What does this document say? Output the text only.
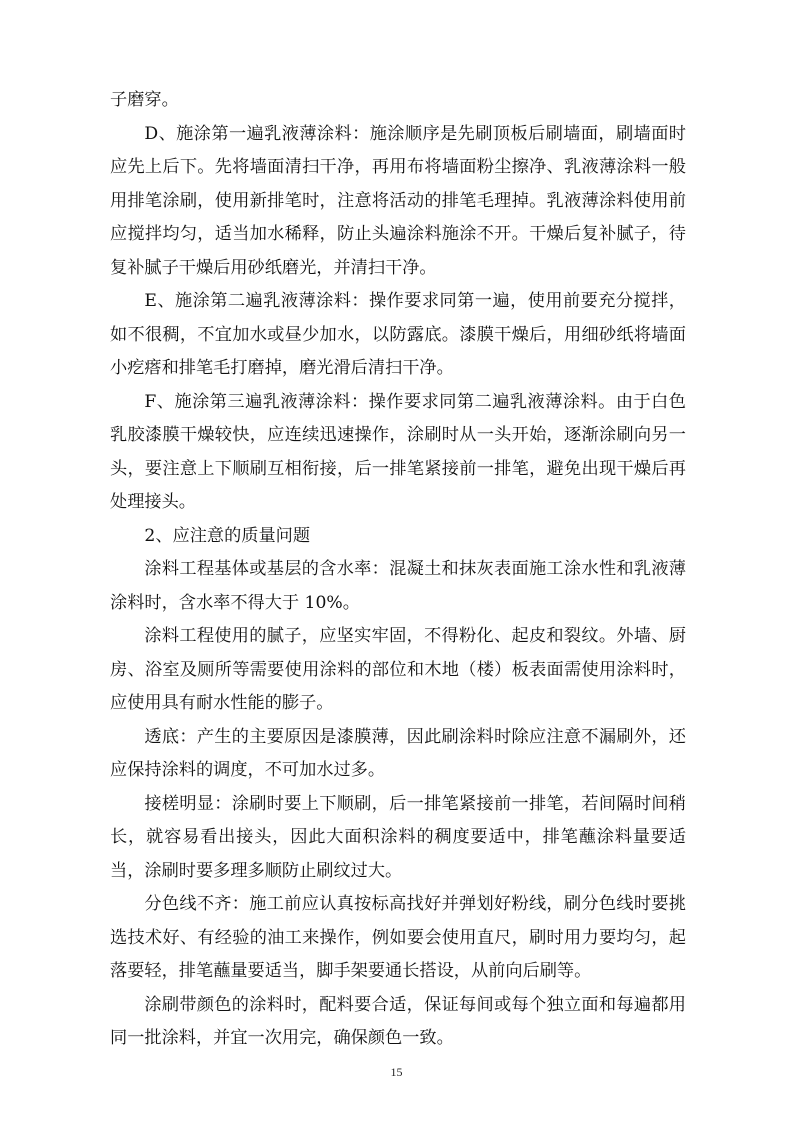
子磨穿。

D、施涂第一遍乳液薄涂料：施涂顺序是先刷顶板后刷墙面，刷墙面时应先上后下。先将墙面清扫干净，再用布将墙面粉尘擦净、乳液薄涂料一般用排笔涂刷，使用新排笔时，注意将活动的排笔毛理掉。乳液薄涂料使用前应搅拌均匀，适当加水稀释，防止头遍涂料施涂不开。干燥后复补腻子，待复补腻子干燥后用砂纸磨光，并清扫干净。

E、施涂第二遍乳液薄涂料：操作要求同第一遍，使用前要充分搅拌，如不很稠，不宜加水或昼少加水，以防露底。漆膜干燥后，用细砂纸将墙面小疙瘩和排笔毛打磨掉，磨光滑后清扫干净。

F、施涂第三遍乳液薄涂料：操作要求同第二遍乳液薄涂料。由于白色乳胶漆膜干燥较快，应连续迅速操作，涂刷时从一头开始，逐渐涂刷向另一头，要注意上下顺刷互相衔接，后一排笔紧接前一排笔，避免出现干燥后再处理接头。

2、应注意的质量问题

涂料工程基体或基层的含水率：混凝土和抹灰表面施工涂水性和乳液薄涂料时，含水率不得大于 10%。

涂料工程使用的腻子，应坚实牢固，不得粉化、起皮和裂纹。外墙、厨房、浴室及厕所等需要使用涂料的部位和木地（楼）板表面需使用涂料时，应使用具有耐水性能的膨子。

透底：产生的主要原因是漆膜薄，因此刷涂料时除应注意不漏刷外，还应保持涂料的调度，不可加水过多。

接槎明显：涂刷时要上下顺刷，后一排笔紧接前一排笔，若间隔时间稍长，就容易看出接头，因此大面积涂料的稠度要适中，排笔蘸涂料量要适当，涂刷时要多理多顺防止刷纹过大。

分色线不齐：施工前应认真按标高找好并弹划好粉线，刷分色线时要挑选技术好、有经验的油工来操作，例如要会使用直尺，刷时用力要均匀，起落要轻，排笔蘸量要适当，脚手架要通长搭设，从前向后刷等。

涂刷带颜色的涂料时，配料要合适，保证每间或每个独立面和每遍都用同一批涂料，并宜一次用完，确保颜色一致。

15
